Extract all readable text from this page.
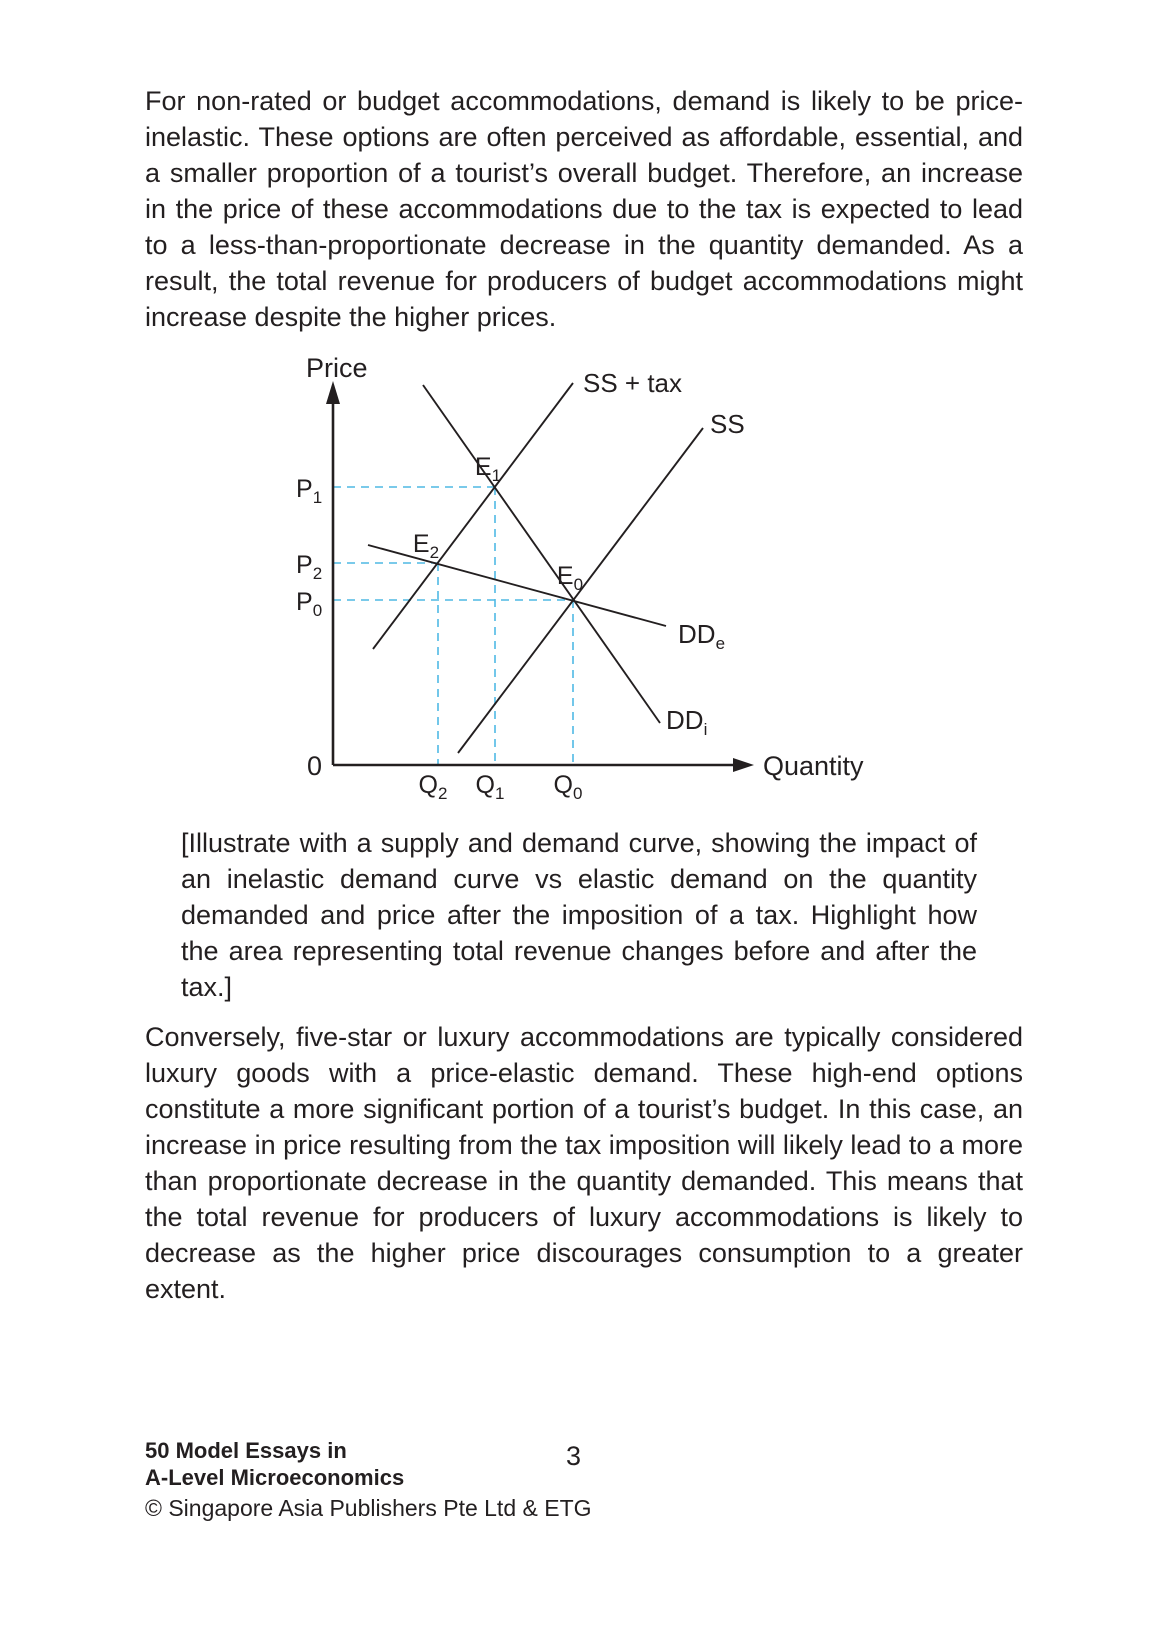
For non-rated or budget accommodations, demand is likely to be price-inelastic. These options are often perceived as affordable, essential, and a smaller proportion of a tourist’s overall budget. Therefore, an increase in the price of these accommodations due to the tax is expected to lead to a less-than-proportionate decrease in the quantity demanded. As a result, the total revenue for producers of budget accommodations might increase despite the higher prices.

Price
Quantity
0
SS + tax
SS
$DD_e$
$DD_i$
$E_1$
$E_2$
$E_0$
$P_1$
$P_2$
$P_0$
$Q_2$ $Q_1$ $Q_0$

[Illustrate with a supply and demand curve, showing the impact of an inelastic demand curve vs elastic demand on the quantity demanded and price after the imposition of a tax. Highlight how the area representing total revenue changes before and after the tax.]

Conversely, five-star or luxury accommodations are typically considered luxury goods with a price-elastic demand. These high-end options constitute a more significant portion of a tourist’s budget. In this case, an increase in price resulting from the tax imposition will likely lead to a more than proportionate decrease in the quantity demanded. This means that the total revenue for producers of luxury accommodations is likely to decrease as the higher price discourages consumption to a greater extent.

50 Model Essays in
A-Level Microeconomics
© Singapore Asia Publishers Pte Ltd & ETG
3
